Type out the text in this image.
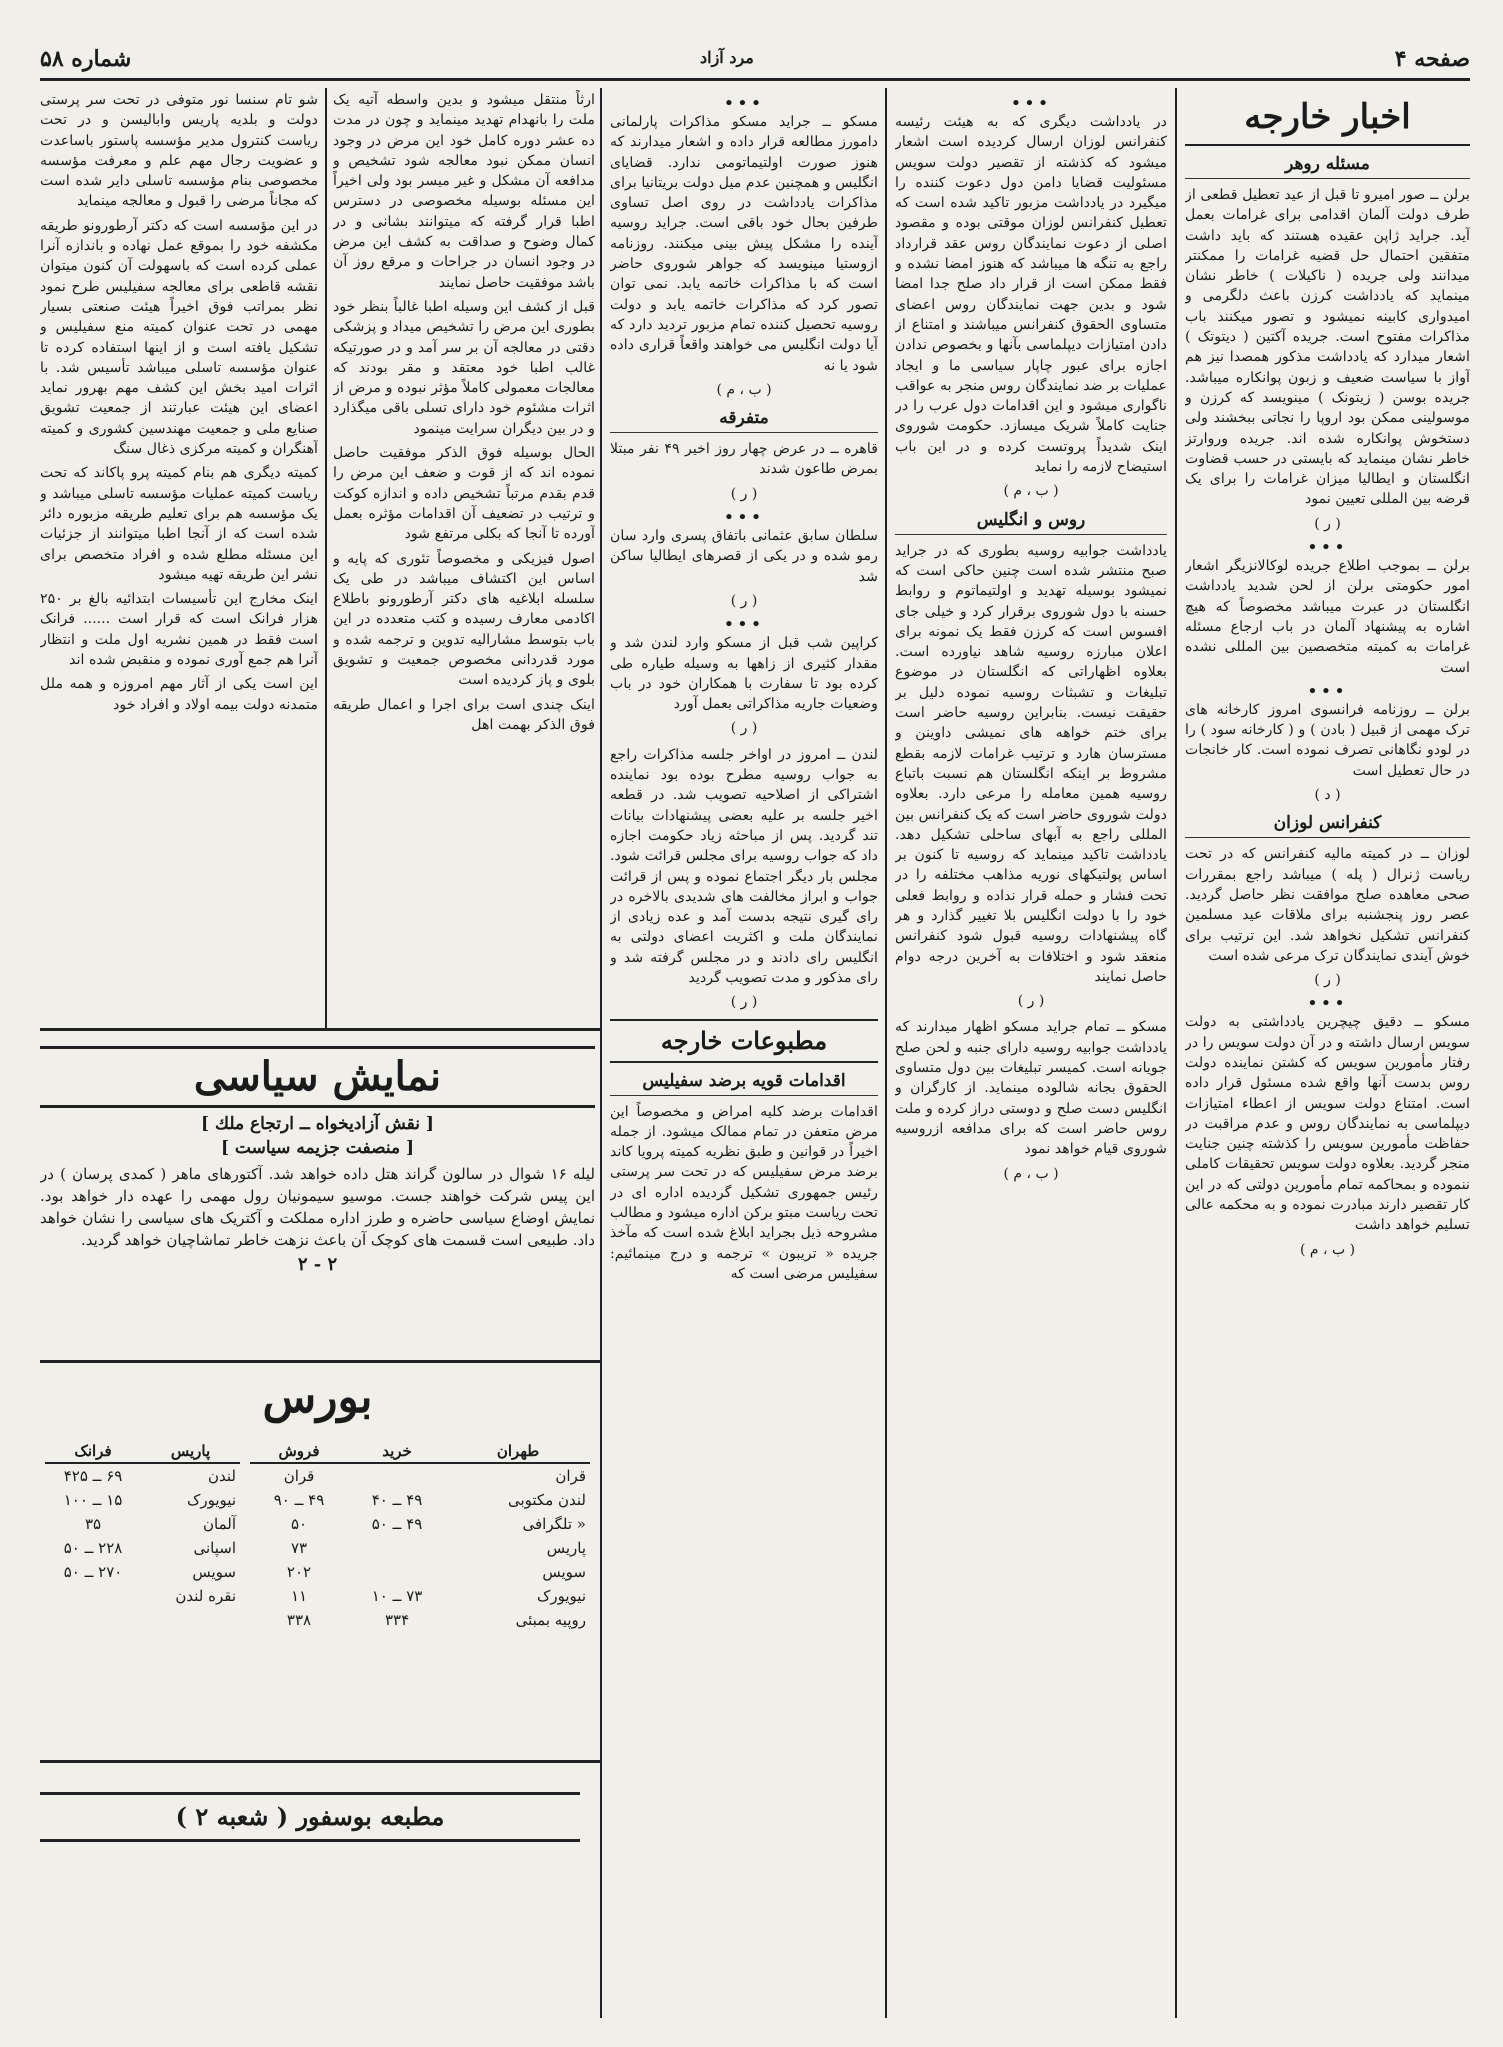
صفحه ۴
مرد آزاد
شماره ۵۸
اخبار خارجه
مسئله روهر

برلن ــ صور امیرو تا قبل از عید تعطیل قطعی از طرف دولت آلمان اقدامی برای غرامات بعمل آید. جراید ژاپن عقیده هستند که باید داشت متفقین احتمال حل قضیه غرامات را ممکنتر میدانند ولی جریده ( ناکیلات ) خاطر نشان مینماید که یادداشت کرزن باعث دلگرمی و امیدواری کابینه نمیشود و تصور میکنند باب مذاکرات مفتوح است. جریده آکتین ( دیتوتک ) اشعار میدارد که یادداشت مذکور همصدا نیز هم آواز با سیاست ضعیف و زبون پوانکاره میباشد. جریده بوسن ( زیتونک ) مینویسد که کرزن و موسولینی ممکن بود اروپا را نجاتی ببخشند ولی دستخوش پوانکاره شده اند. جریده وروارتز خاطر نشان مینماید که بایستی در حسب قضاوت انگلستان و ایطالیا میزان غرامات را برای یک قرضه بین المللی تعیین نمود

( ر )
•••

برلن ــ بموجب اطلاع جریده لوکالانزیگر اشعار امور حکومتی برلن از لحن شدید یادداشت انگلستان در عبرت میباشد مخصوصاً که هیچ اشاره به پیشنهاد آلمان در باب ارجاع مسئله غرامات به کمیته متخصصین بین المللی نشده است

•••

برلن ــ روزنامه فرانسوی امروز کارخانه های ترک مهمی از قبیل ( بادن ) و ( کارخانه سود ) را در لودو نگاهانی تصرف نموده است. کار خانجات در حال تعطیل است

( د )
کنفرانس لوزان

لوزان ــ در کمیته ماليه کنفرانس که در تحت ریاست ژنرال ( پله ) میباشد راجع بمقررات صحی معاهده صلح موافقت نظر حاصل گردید. عصر روز پنجشنبه برای ملاقات عید مسلمین کنفرانس تشکیل نخواهد شد. این ترتیب برای خوش آیندی نمایندگان ترک مرعی شده است

( ر )
•••

مسکو ــ دقیق چیچرین یادداشتی به دولت سویس ارسال داشته و در آن دولت سویس را در رفتار مأمورین سویس که کشتن نماینده دولت روس بدست آنها واقع شده مسئول قرار داده است. امتناع دولت سویس از اعطاء امتیازات دیپلماسی به نمایندگان روس و عدم مراقبت در حفاظت مأمورین سویس را کذشته چنین جنایت منجر گردید. بعلاوه دولت سویس تحقیقات کاملی ننموده و بمحاکمه تمام مأمورین دولتی که در این کار تقصیر دارند مبادرت نموده و به محکمه عالی تسلیم خواهد داشت

( ب ، م )
•••

در یادداشت دیگری که به هیئت رئیسه کنفرانس لوزان ارسال کردیده است اشعار میشود که کذشته از تقصیر دولت سویس مسئولیت قضایا دامن دول دعوت کننده را میگیرد در یادداشت مزبور تاکید شده است که تعطیل کنفرانس لوزان موقتی بوده و مقصود اصلی از دعوت نمایندگان روس عقد قرارداد راجع به تنگه ها میباشد که هنوز امضا نشده و فقط ممکن است از قرار داد صلح جدا امضا شود و بدین جهت نمایندگان روس اعضای متساوی الحقوق کنفرانس میباشند و امتناع از دادن امتیازات دیپلماسی بآنها و بخصوص ندادن اجازه برای عبور چاپار سیاسی ما و ایجاد عملیات بر ضد نمایندگان روس منجر به عواقب ناگواری میشود و این اقدامات دول عرب را در جنایت کاملاً شریک میسازد. حکومت شوروی اینک شدیداً پروتست کرده و در این باب استیضاح لازمه را نماید

( ب ، م )
روس و انگلیس

یادداشت جوابیه روسیه بطوری که در جراید صبح منتشر شده است چنین حاکی است که نمیشود بوسیله تهدید و اولتیماتوم و روابط حسنه با دول شوروی برقرار کرد و خیلی جای افسوس است که کرزن فقط یک نمونه برای اعلان مبارزه روسیه شاهد نیاورده است. بعلاوه اظهاراتی که انگلستان در موضوع تبلیغات و تشبثات روسیه نموده دلیل بر حقیقت نیست. بنابراین روسیه حاضر است برای ختم خواهه های نمیشی داوینن و مسترسان هارد و ترتیب غرامات لازمه بقطع مشروط بر اینکه انگلستان هم نسبت باتباع روسیه همین معامله را مرعی دارد. بعلاوه دولت شوروی حاضر است که یک کنفرانس بین المللی راجع به آبهای ساحلی تشکیل دهد. یادداشت تاکید مینماید که روسیه تا کنون بر اساس پولتیکهای نوریه مذاهب مختلفه را در تحت فشار و حمله قرار نداده و روابط فعلی خود را با دولت انگلیس بلا تغییر گذارد و هر گاه پیشنهادات روسیه قبول شود کنفرانس منعقد شود و اختلافات به آخرین درجه دوام حاصل نمایند

( ر )

مسکو ــ تمام جراید مسکو اظهار میدارند که یادداشت جوابیه روسیه دارای جنبه و لحن صلح جویانه است. کمیسر تبلیغات بین دول متساوی الحقوق بجانه شالوده مینماید. از کارگران و انگلیس دست صلح و دوستی دراز کرده و ملت روس حاضر است که برای مدافعه ازروسیه شوروی قیام خواهد نمود

( ب ، م )
•••

مسکو ــ جراید مسکو مذاکرات پارلمانی دامورز مطالعه قرار داده و اشعار میدارند که هنوز صورت اولتیماتومی ندارد. قضایای انگلیس و همچنین عدم میل دولت بریتانیا برای مذاکرات یادداشت در روی اصل تساوی طرفین بحال خود باقی است. جراید روسیه آینده را مشکل پیش بینی میکنند. روزنامه ازوستیا مینویسد که جواهر شوروی حاضر است که با مذاکرات خاتمه یابد. نمی توان تصور کرد که مذاکرات خاتمه یابد و دولت روسیه تحصیل کننده تمام مزبور تردید دارد که آیا دولت انگلیس می خواهند واقعاً قراری داده شود یا نه

( ب ، م )
متفرقه

قاهره ــ در عرض چهار روز اخیر ۴۹ نفر مبتلا بمرض طاعون شدند

( ر )
•••

سلطان سابق عثمانی باتفاق پسری وارد سان رمو شده و در یکی از قصرهای ایطالیا ساکن شد

( ر )
•••

کراپین شب قبل از مسکو وارد لندن شد و مقدار کثیری از زاهها به وسیله طیاره طی کرده بود تا سفارت با همکاران خود در باب وضعیات جاریه مذاکراتی بعمل آورد

( ر )

لندن ــ امروز در اواخر جلسه مذاکرات راجع به جواب روسیه مطرح بوده بود نماینده اشتراکی از اصلاحیه تصویب شد. در قطعه اخیر جلسه بر علیه بعضی پیشنهادات بیانات تند گردید. پس از مباحثه زیاد حکومت اجازه داد که جواب روسیه برای مجلس قرائت شود. مجلس بار دیگر اجتماع نموده و پس از قرائت جواب و ابراز مخالفت های شدیدی بالاخره در رای گیری نتیجه بدست آمد و عده زیادی از نمایندگان ملت و اکثریت اعضای دولتی به انگلیس رای دادند و در مجلس گرفته شد و رای مذکور و مدت تصویب گردید

( ر )
مطبوعات خارجه
اقدامات قویه برضد سفیلیس

اقدامات برضد کلیه امراض و مخصوصاً این مرض متعفن در تمام ممالک میشود. از جمله اخیراً در قوانین و طبق نظریه کمیته پرویا کاند برضد مرض سفیلیس که در تحت سر پرستی رئیس جمهوری تشکیل گردیده اداره ای در تحت ریاست مبتو برکن اداره میشود و مطالب مشروحه ذیل بجراید ابلاغ شده است که مآخذ جریده « تریبون » ترجمه و درج مینمائیم: سفیلیس مرضی است که

ارثاً منتقل میشود و بدین واسطه آتیه یک ملت را بانهدام تهدید مینماید و چون در مدت ده عشر دوره کامل خود این مرض در وجود انسان ممکن نبود معالجه شود تشخیص و مدافعه آن مشکل و غیر میسر بود ولی اخیراً این مسئله بوسیله مخصوصی در دسترس اطبا قرار گرفته که میتوانند بشانی و در کمال وضوح و صداقت به کشف این مرض در وجود انسان در جراحات و مرقع روز آن باشد موفقیت حاصل نمایند

قبل از کشف این وسیله اطبا غالباً بنظر خود بطوری این مرض را تشخیص میداد و پزشکی دقتی در معالجه آن بر سر آمد و در صورتیکه غالب اطبا خود معتقد و مقر بودند که معالجات معمولی کاملاً مؤثر نبوده و مرض از اثرات مشئوم خود دارای تسلی باقی میگذارد و در بین دیگران سرایت مینمود

الحال بوسیله فوق الذکر موفقیت حاصل نموده اند که از قوت و ضعف این مرض را قدم بقدم مرتباً تشخیص داده و اندازه کوکت و ترتیب در تضعیف آن اقدامات مؤثره بعمل آورده تا آنجا که بکلی مرتفع شود

اصول فیزیکی و مخصوصاً تئوری که پایه و اساس این اکتشاف میباشد در طی یک سلسله ابلاغیه های دکتر آرطورونو باطلاع اکادمی معارف رسیده و کتب متعدده در این باب بتوسط مشارالیه تدوین و ترجمه شده و مورد قدردانی مخصوص جمعیت و تشویق بلوی و پاز کردیده است

اینک چندی است برای اجرا و اعمال طریقه فوق الذکر بهمت اهل

شو تام سنسا نور متوفی در تحت سر پرستی دولت و بلدیه پاریس وابالیسن و در تحت ریاست کنترول مدیر مؤسسه پاستور باساعدت و عضویت رجال مهم علم و معرفت مؤسسه مخصوصی بنام مؤسسه تاسلی دایر شده است که مجاناً مرضی را قبول و معالجه مینماید

در این مؤسسه است که دکتر آرطورونو طریقه مکشفه خود را بموقع عمل نهاده و باندازه آنرا عملی کرده است که باسهولت آن کنون میتوان نقشه قاطعی برای معالجه سفیلیس طرح نمود نظر بمراتب فوق اخیراً هیئت صنعتی بسیار مهمی در تحت عنوان کمیته منع سفیلیس و تشکیل یافته است و از اینها استفاده کرده تا عنوان مؤسسه تاسلی میباشد تأسیس شد. با اثرات امید بخش این کشف مهم بهرور نماید اعضای این هیئت عبارتند از جمعیت تشویق صنایع ملی و جمعیت مهندسین کشوری و کمیته آهنگران و کمیته مرکزی ذغال سنگ

کمیته دیگری هم بنام کمیته پرو پاکاند که تحت ریاست کمیته عملیات مؤسسه تاسلی میباشد و یک مؤسسه هم برای تعلیم طریقه مزبوره دائر شده است که از آنجا اطبا میتوانند از جزئیات این مسئله مطلع شده و افراد متخصص برای نشر این طریقه تهیه میشود

اینک مخارج این تأسیسات ابتدائیه بالغ بر ۲۵۰ هزار فرانک است که قرار است ...... فرانک است فقط در همین نشریه اول ملت و انتظار آنرا هم جمع آوری نموده و منقبض شده اند

این است یکی از آثار مهم امروزه و همه ملل متمدنه دولت بیمه اولاد و افراد خود

نمایش سیاسی
[ نقش آزادیخواه ــ ارتجاع ملك ]
[ منصفت جزیمه سیاست ]

لیله ۱۶ شوال در سالون گراند هتل داده خواهد شد. آکتورهای ماهر ( کمدی پرسان ) در این پیس شرکت خواهند جست. موسیو سیمونیان رول مهمی را عهده دار خواهد بود. نمایش اوضاع سیاسی حاضره و طرز اداره مملکت و آکتریک های سیاسی را نشان خواهد داد. طبیعی است قسمت های کوچک آن باعث نزهت خاطر تماشاچیان خواهد گردید.

۲ - ۲
بورس
طهران	خرید	فروش
قران		قران
لندن مکتوبی	۴۹ ــ ۴۰	۴۹ ــ ۹۰
« تلگرافی	۴۹ ــ ۵۰	۵۰
پاریس		۷۳
سویس		۲۰۲
نیویورک	۷۳ ــ ۱۰	۱۱
روپیه بمبئی	۳۳۴	۳۳۸
پاریس	فرانک
لندن	۶۹ ــ ۴۲۵
نیویورک	۱۵ ــ ۱۰۰
آلمان	۳۵
اسپانی	۲۲۸ ــ ۵۰
سویس	۲۷۰ ــ ۵۰
نقره لندن	
مطبعه بوسفور ( شعبه ۲ )
